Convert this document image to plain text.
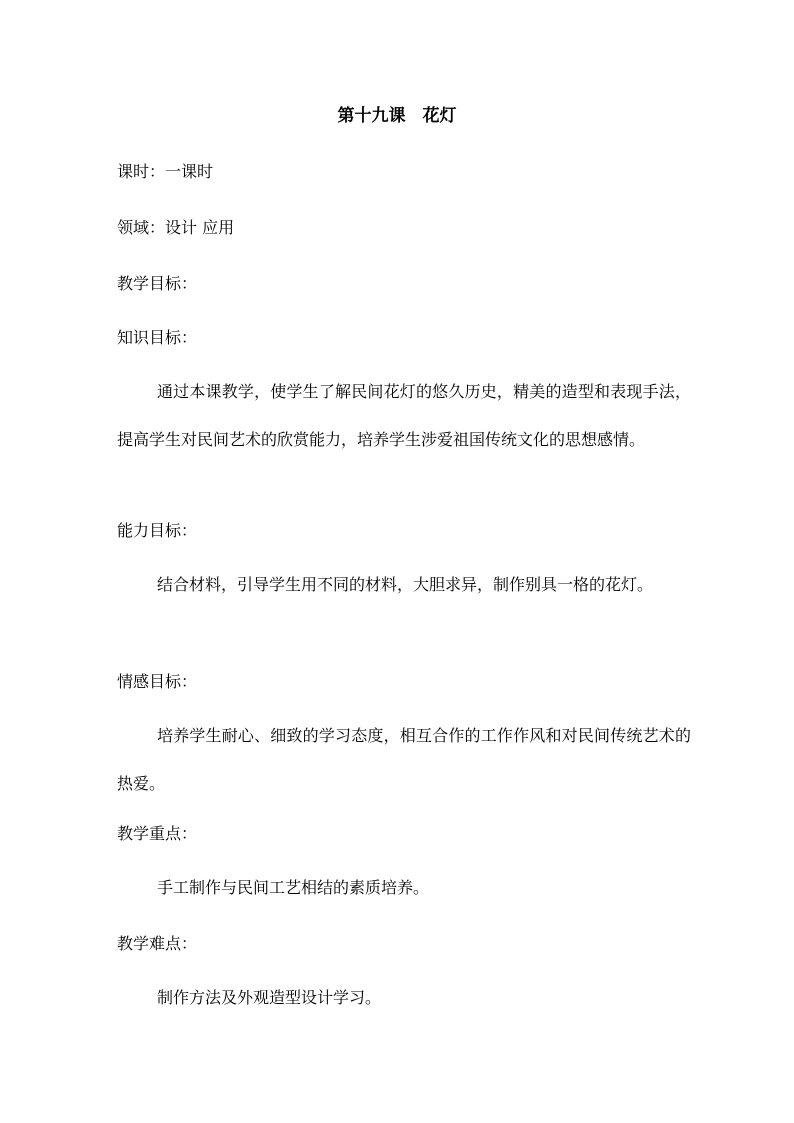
第十九课　花灯
课时：一课时
领域：设计 应用
教学目标：
知识目标：
通过本课教学，使学生了解民间花灯的悠久历史，精美的造型和表现手法，提高学生对民间艺术的欣赏能力，培养学生涉爱祖国传统文化的思想感情。
能力目标：
结合材料，引导学生用不同的材料，大胆求异，制作别具一格的花灯。
情感目标：
培养学生耐心、细致的学习态度，相互合作的工作作风和对民间传统艺术的热爱。
教学重点：
手工制作与民间工艺相结的素质培养。
教学难点：
制作方法及外观造型设计学习。
